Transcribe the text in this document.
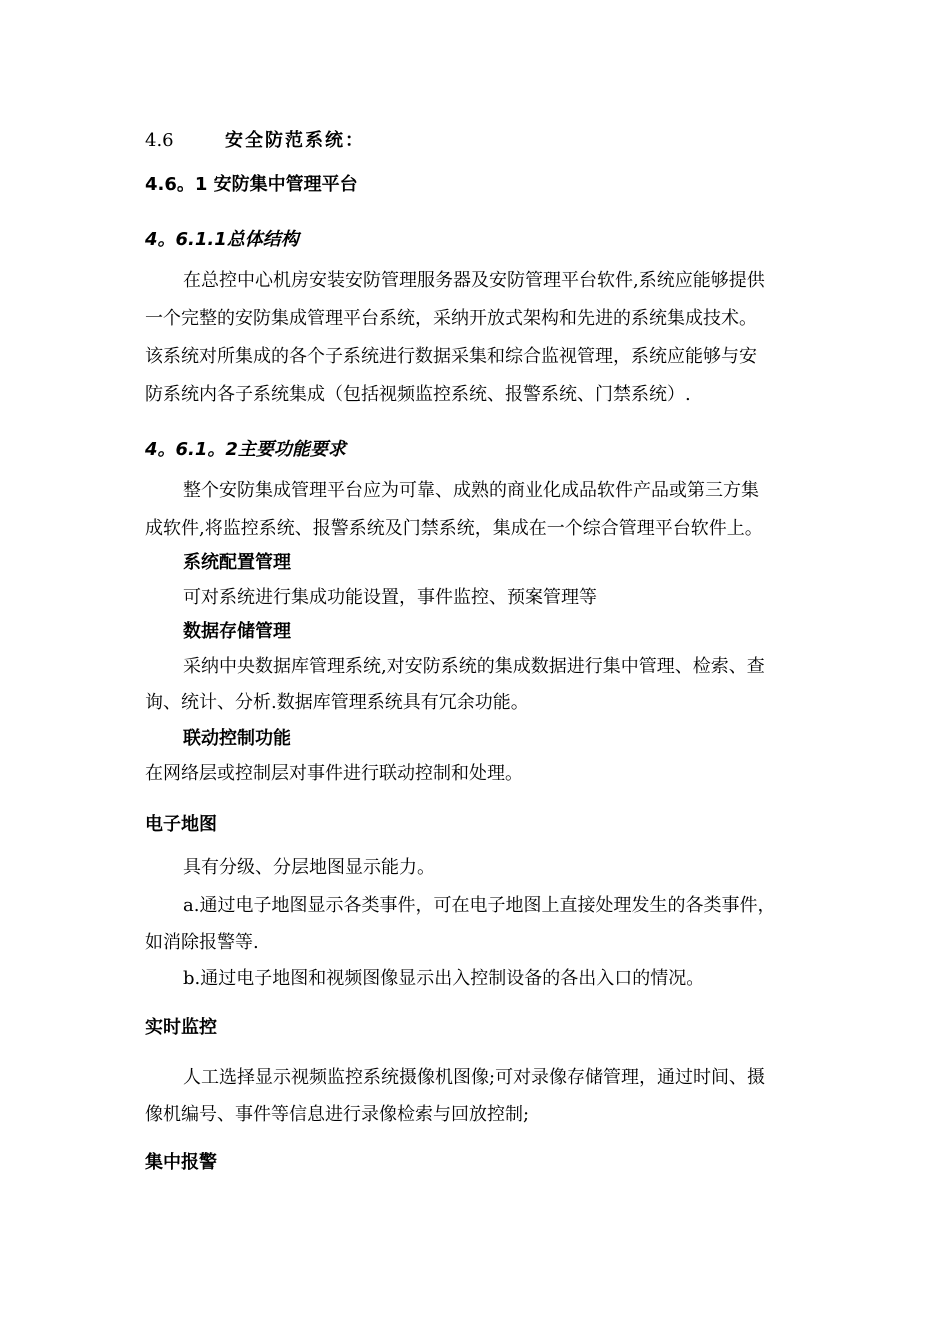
4.6	安全防范系统：
4.6。1 安防集中管理平台
4。6.1.1总体结构
在总控中心机房安装安防管理服务器及安防管理平台软件,系统应能够提供
一个完整的安防集成管理平台系统，采纳开放式架构和先进的系统集成技术。
该系统对所集成的各个子系统进行数据采集和综合监视管理，系统应能够与安
防系统内各子系统集成（包括视频监控系统、报警系统、门禁系统）.
4。6.1。2主要功能要求
整个安防集成管理平台应为可靠、成熟的商业化成品软件产品或第三方集
成软件,将监控系统、报警系统及门禁系统，集成在一个综合管理平台软件上。
系统配置管理
可对系统进行集成功能设置，事件监控、预案管理等
数据存储管理
采纳中央数据库管理系统,对安防系统的集成数据进行集中管理、检索、查
询、统计、分析.数据库管理系统具有冗余功能。
联动控制功能
在网络层或控制层对事件进行联动控制和处理。
电子地图
具有分级、分层地图显示能力。
a.通过电子地图显示各类事件，可在电子地图上直接处理发生的各类事件，
如消除报警等.
b.通过电子地图和视频图像显示出入控制设备的各出入口的情况。
实时监控
人工选择显示视频监控系统摄像机图像;可对录像存储管理，通过时间、摄
像机编号、事件等信息进行录像检索与回放控制;
集中报警
